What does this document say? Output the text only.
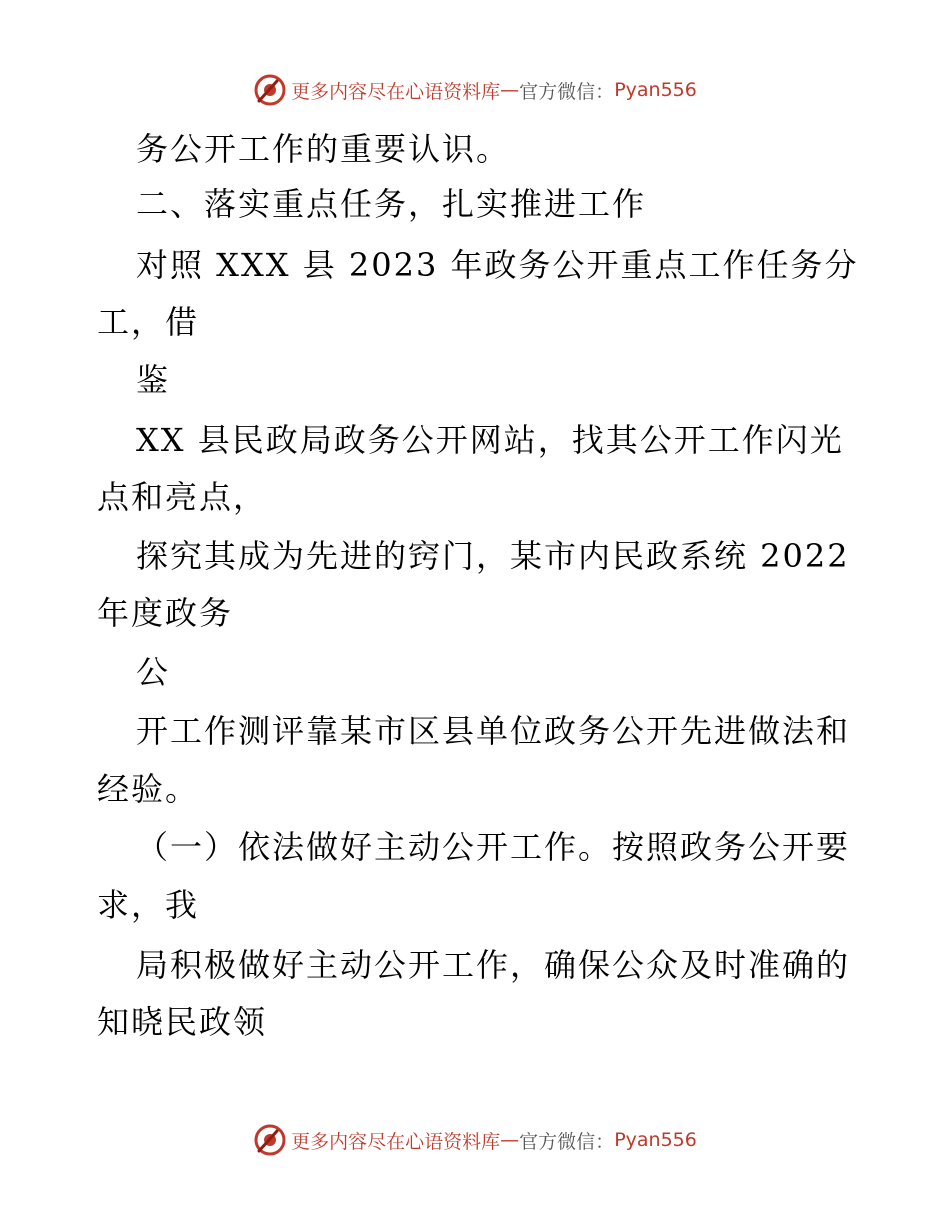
更多内容尽在心语资料库 — 官方微信： Pyan556
务公开工作的重要认识。
二、落实重点任务，扎实推进工作
对照 XXX 县 2023 年政务公开重点工作任务分
工，借
鉴
XX 县民政局政务公开网站，找其公开工作闪光
点和亮点，
探究其成为先进的窍门，某市内民政系统 2022
年度政务
公
开工作测评靠某市区县单位政务公开先进做法和
经验。
（一）依法做好主动公开工作。按照政务公开要
求，我
局积极做好主动公开工作，确保公众及时准确的
知晓民政领
更多内容尽在心语资料库 — 官方微信： Pyan556
